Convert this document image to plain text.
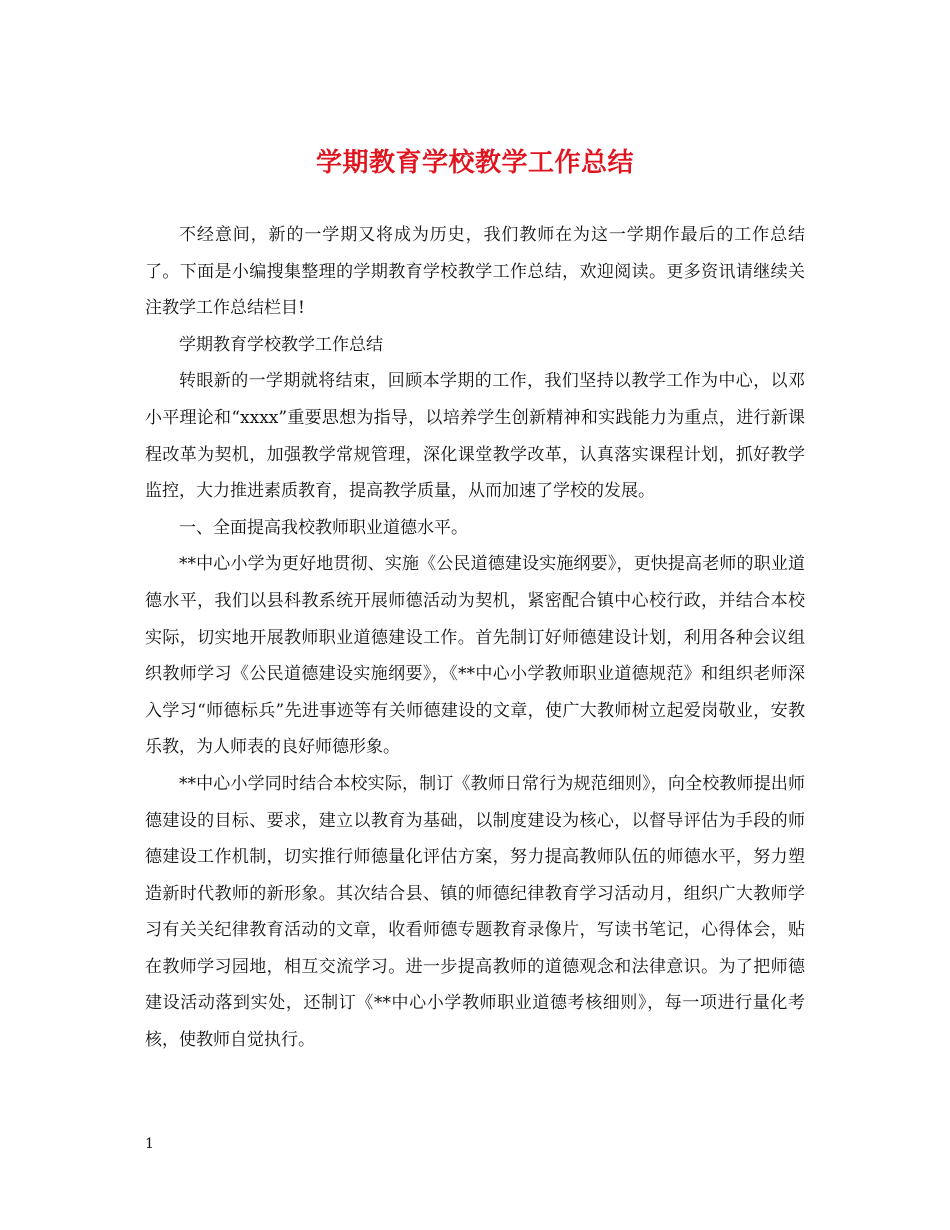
学期教育学校教学工作总结

不经意间，新的一学期又将成为历史，我们教师在为这一学期作最后的工作总结了。下面是小编搜集整理的学期教育学校教学工作总结，欢迎阅读。更多资讯请继续关注教学工作总结栏目!

学期教育学校教学工作总结

转眼新的一学期就将结束，回顾本学期的工作，我们坚持以教学工作为中心，以邓小平理论和“xxxx”重要思想为指导，以培养学生创新精神和实践能力为重点，进行新课程改革为契机，加强教学常规管理，深化课堂教学改革，认真落实课程计划，抓好教学监控，大力推进素质教育，提高教学质量，从而加速了学校的发展。

一、全面提高我校教师职业道德水平。

**中心小学为更好地贯彻、实施《公民道德建设实施纲要》，更快提高老师的职业道德水平，我们以县科教系统开展师德活动为契机，紧密配合镇中心校行政，并结合本校实际，切实地开展教师职业道德建设工作。首先制订好师德建设计划，利用各种会议组织教师学习《公民道德建设实施纲要》，《**中心小学教师职业道德规范》和组织老师深入学习“师德标兵”先进事迹等有关师德建设的文章，使广大教师树立起爱岗敬业，安教乐教，为人师表的良好师德形象。

**中心小学同时结合本校实际，制订《教师日常行为规范细则》，向全校教师提出师德建设的目标、要求，建立以教育为基础，以制度建设为核心，以督导评估为手段的师德建设工作机制，切实推行师德量化评估方案，努力提高教师队伍的师德水平，努力塑造新时代教师的新形象。其次结合县、镇的师德纪律教育学习活动月，组织广大教师学习有关关纪律教育活动的文章，收看师德专题教育录像片，写读书笔记，心得体会，贴在教师学习园地，相互交流学习。进一步提高教师的道德观念和法律意识。为了把师德建设活动落到实处，还制订《**中心小学教师职业道德考核细则》，每一项进行量化考核，使教师自觉执行。

1
